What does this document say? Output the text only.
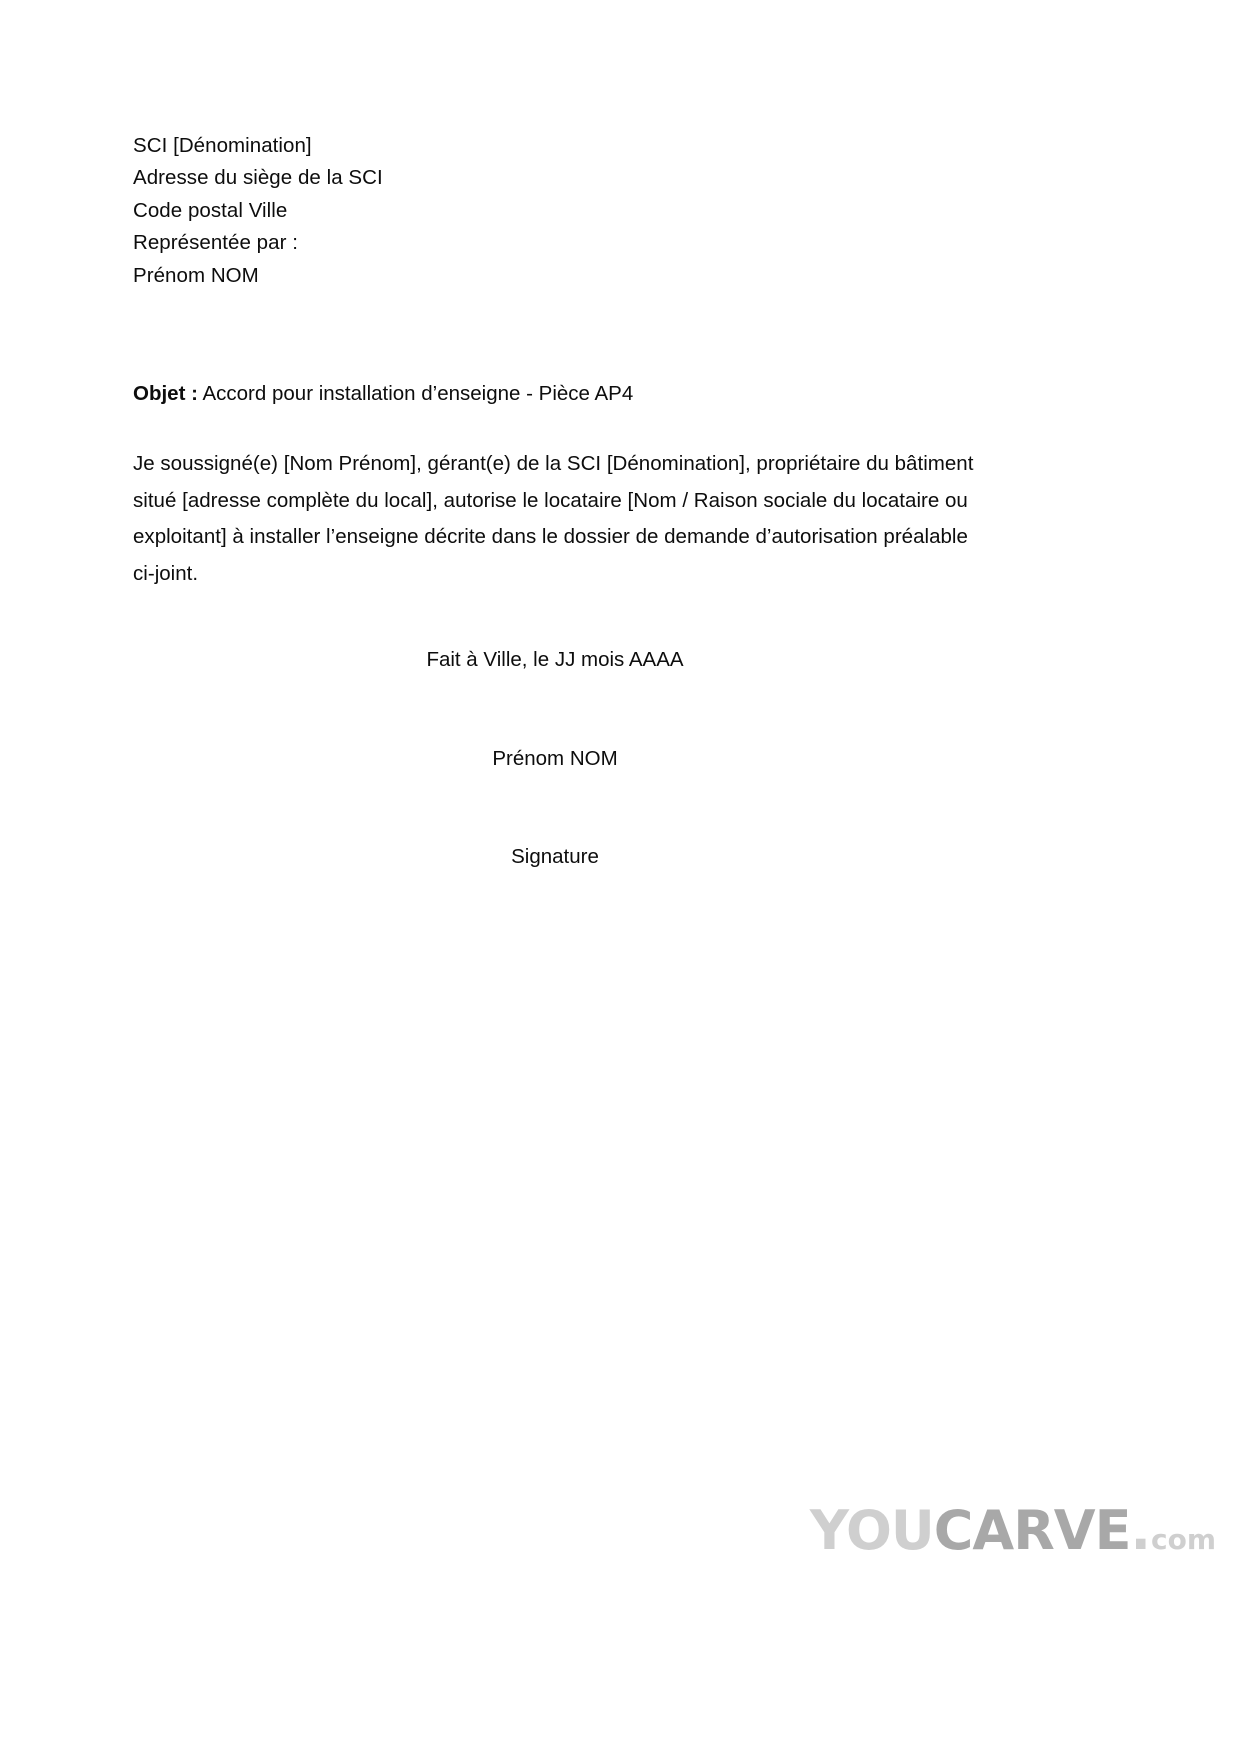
SCI [Dénomination]
Adresse du siège de la SCI
Code postal Ville
Représentée par :
Prénom NOM
Objet : Accord pour installation d’enseigne - Pièce AP4
Je soussigné(e) [Nom Prénom], gérant(e) de la SCI [Dénomination], propriétaire du bâtiment
situé [adresse complète du local], autorise le locataire [Nom / Raison sociale du locataire ou
exploitant] à installer l’enseigne décrite dans le dossier de demande d’autorisation préalable
ci-joint.
Fait à Ville, le JJ mois AAAA
Prénom NOM
Signature
YOU CARVE . com
